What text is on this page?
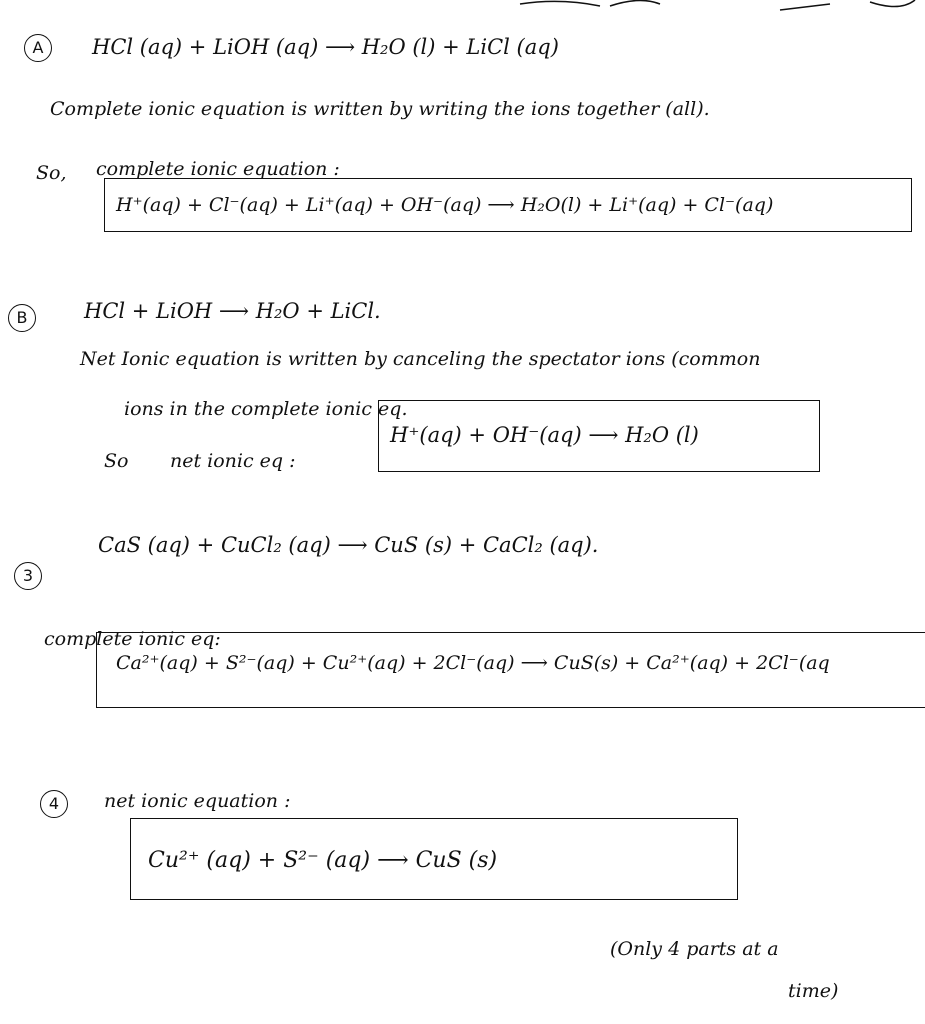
A	HCl (aq) + LiOH (aq) ⟶ H₂O (l) + LiCl (aq)
Complete ionic equation is written by writing the ions together (all).
So, complete ionic equation :
H⁺(aq) + Cl⁻(aq) + Li⁺(aq) + OH⁻(aq) ⟶ H₂O(l) + Li⁺(aq) + Cl⁻(aq)
B	HCl + LiOH ⟶ H₂O + LiCl.
Net Ionic equation is written by canceling the spectator ions (common
ions in the complete ionic eq.
So net ionic eq :
H⁺(aq) + OH⁻(aq) ⟶ H₂O (l)
3
CaS (aq) + CuCl₂ (aq) ⟶ CuS (s) + CaCl₂ (aq).
complete ionic eq:
Ca²⁺(aq) + S²⁻(aq) + Cu²⁺(aq) + 2Cl⁻(aq) ⟶ CuS(s) + Ca²⁺(aq) + 2Cl⁻(aq
4	net ionic equation :
Cu²⁺ (aq) + S²⁻ (aq) ⟶ CuS (s)
(Only 4 parts at a
time)
